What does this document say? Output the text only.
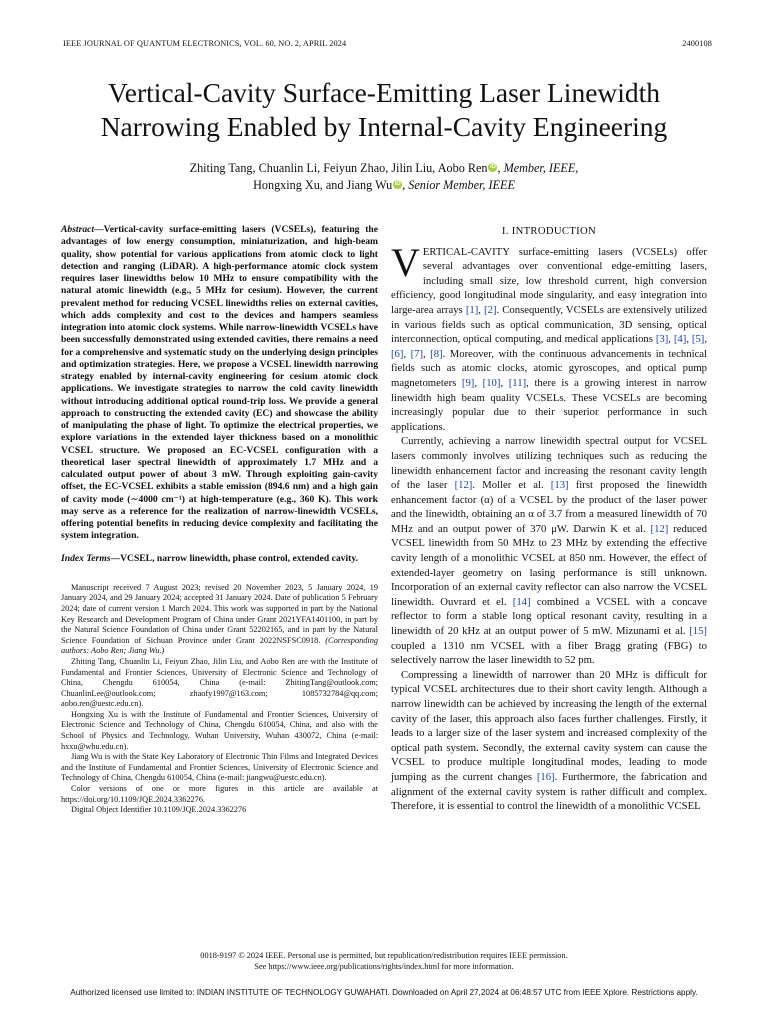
IEEE JOURNAL OF QUANTUM ELECTRONICS, VOL. 60, NO. 2, APRIL 2024	2400108
Vertical-Cavity Surface-Emitting Laser Linewidth
Narrowing Enabled by Internal-Cavity Engineering
Zhiting Tang, Chuanlin Li, Feiyun Zhao, Jilin Liu, Aobo Ren iD , Member, IEEE,
Hongxing Xu, and Jiang Wu iD , Senior Member, IEEE

Abstract—Vertical-cavity surface-emitting lasers (VCSELs), featuring the advantages of low energy consumption, miniaturization, and high-beam quality, show potential for various applications from atomic clock to light detection and ranging (LiDAR). A high-performance atomic clock system requires laser linewidths below 10 MHz to ensure compatibility with the natural atomic linewidth (e.g., 5 MHz for cesium). However, the current prevalent method for reducing VCSEL linewidths relies on external cavities, which adds complexity and cost to the devices and hampers seamless integration into atomic clock systems. While narrow-linewidth VCSELs have been successfully demonstrated using extended cavities, there remains a need for a comprehensive and systematic study on the underlying design principles and optimization strategies. Here, we propose a VCSEL linewidth narrowing strategy enabled by internal-cavity engineering for cesium atomic clock applications. We investigate strategies to narrow the cold cavity linewidth without introducing additional optical round-trip loss. We provide a general approach to constructing the extended cavity (EC) and showcase the ability of manipulating the phase of light. To optimize the electrical properties, we explore variations in the extended layer thickness based on a monolithic VCSEL structure. We proposed an EC-VCSEL configuration with a theoretical laser spectral linewidth of approximately 1.7 MHz and a calculated output power of about 3 mW. Through exploiting gain-cavity offset, the EC-VCSEL exhibits a stable emission (894.6 nm) and a high gain of cavity mode (∼4000 cm⁻¹) at high-temperature (e.g., 360 K). This work may serve as a reference for the realization of narrow-linewidth VCSELs, offering potential benefits in reducing device complexity and facilitating the system integration.

Index Terms—VCSEL, narrow linewidth, phase control, extended cavity.

Manuscript received 7 August 2023; revised 20 November 2023, 5 January 2024, 19 January 2024, and 29 January 2024; accepted 31 January 2024. Date of publication 5 February 2024; date of current version 1 March 2024. This work was supported in part by the National Key Research and Development Program of China under Grant 2021YFA1401100, in part by the Natural Science Foundation of China under Grant 52202165, and in part by the Natural Science Foundation of Sichuan Province under Grant 2022NSFSC0918. (Corresponding authors: Aobo Ren; Jiang Wu.)

Zhiting Tang, Chuanlin Li, Feiyun Zhao, Jilin Liu, and Aobo Ren are with the Institute of Fundamental and Frontier Sciences, University of Electronic Science and Technology of China, Chengdu 610054, China (e-mail: ZhitingTang@outlook.com; ChuanlinLee@outlook.com; zhaofy1997@163.com; 1085732784@qq.com; aobo.ren@uestc.edu.cn).

Hongxing Xu is with the Institute of Fundamental and Frontier Sciences, University of Electronic Science and Technology of China, Chengdu 610054, China, and also with the School of Physics and Technology, Wuhan University, Wuhan 430072, China (e-mail: hxxu@whu.edu.cn).

Jiang Wu is with the State Key Laboratory of Electronic Thin Films and Integrated Devices and the Institute of Fundamental and Frontier Sciences, University of Electronic Science and Technology of China, Chengdu 610054, China (e-mail: jiangwu@uestc.edu.cn).

Color versions of one or more figures in this article are available at https://doi.org/10.1109/JQE.2024.3362276.

Digital Object Identifier 10.1109/JQE.2024.3362276

I. INTRODUCTION

VERTICAL-CAVITY surface-emitting lasers (VCSELs) offer several advantages over conventional edge-emitting lasers, including small size, low threshold current, high conversion efficiency, good longitudinal mode singularity, and easy integration into large-area arrays [1], [2]. Consequently, VCSELs are extensively utilized in various fields such as optical communication, 3D sensing, optical interconnection, optical computing, and medical applications [3], [4], [5], [6], [7], [8]. Moreover, with the continuous advancements in technical fields such as atomic clocks, atomic gyroscopes, and optical pump magnetometers [9], [10], [11], there is a growing interest in narrow linewidth high beam quality VCSELs. These VCSELs are becoming increasingly popular due to their superior performance in such applications.

Currently, achieving a narrow linewidth spectral output for VCSEL lasers commonly involves utilizing techniques such as reducing the linewidth enhancement factor and increasing the resonant cavity length of the laser [12]. Moller et al. [13] first proposed the linewidth enhancement factor (α) of a VCSEL by the product of the laser power and the linewidth, obtaining an α of 3.7 from a measured linewidth of 70 MHz and an output power of 370 μW. Darwin K et al. [12] reduced VCSEL linewidth from 50 MHz to 23 MHz by extending the effective cavity length of a monolithic VCSEL at 850 nm. However, the effect of extended-layer geometry on lasing performance is still unknown. Incorporation of an external cavity reflector can also narrow the VCSEL linewidth. Ouvrard et el. [14] combined a VCSEL with a concave reflector to form a stable long optical resonant cavity, resulting in a linewidth of 20 kHz at an output power of 5 mW. Mizunami et al. [15] coupled a 1310 nm VCSEL with a fiber Bragg grating (FBG) to selectively narrow the laser linewidth to 52 pm.

Compressing a linewidth of narrower than 20 MHz is difficult for typical VCSEL architectures due to their short cavity length. Although a narrow linewidth can be achieved by increasing the length of the external cavity of the laser, this approach also faces further challenges. Firstly, it leads to a larger size of the laser system and increased complexity of the optical path system. Secondly, the external cavity system can cause the VCSEL to produce multiple longitudinal modes, leading to mode jumping as the current changes [16]. Furthermore, the fabrication and alignment of the external cavity system is rather difficult and complex. Therefore, it is essential to control the linewidth of a monolithic VCSEL

0018-9197 © 2024 IEEE. Personal use is permitted, but republication/redistribution requires IEEE permission.
See https://www.ieee.org/publications/rights/index.html for more information.
Authorized licensed use limited to: INDIAN INSTITUTE OF TECHNOLOGY GUWAHATI. Downloaded on April 27,2024 at 06:48:57 UTC from IEEE Xplore. Restrictions apply.
